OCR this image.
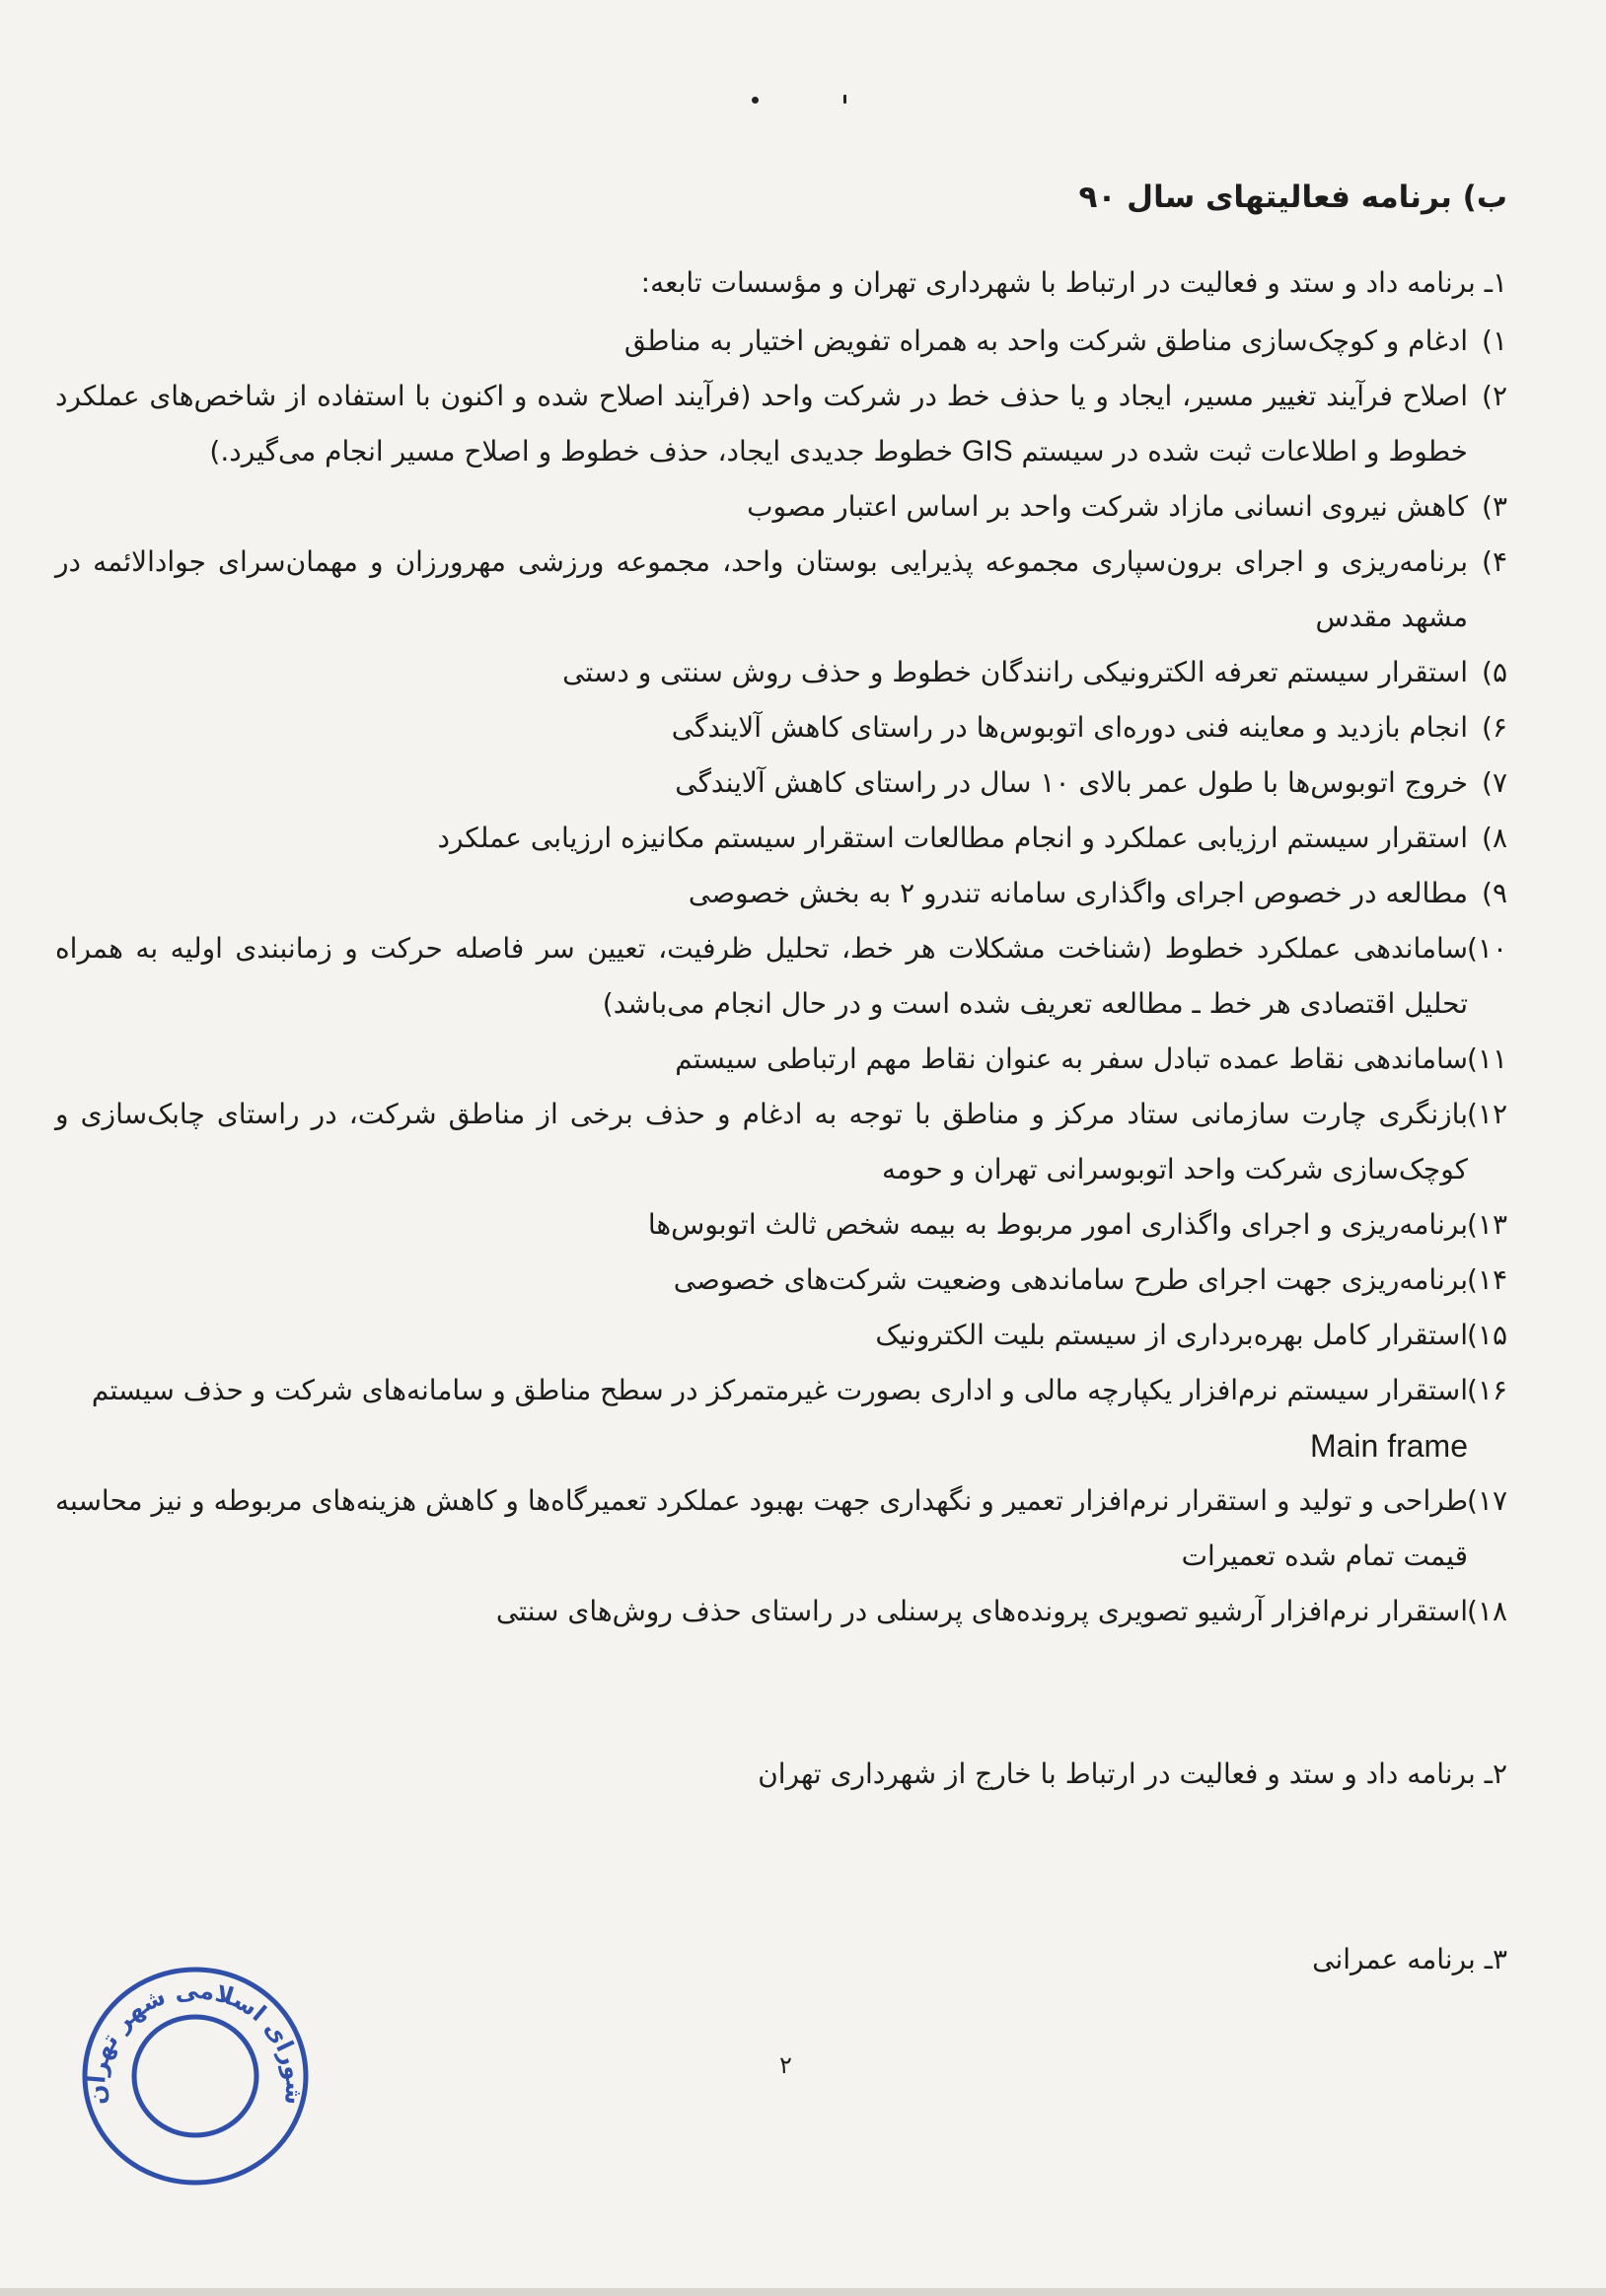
ب) برنامه فعالیتهای سال ۹۰

۱ـ برنامه داد و ستد و فعالیت در ارتباط با شهرداری تهران و مؤسسات تابعه:

۱)
ادغام و کوچک‌سازی مناطق شرکت واحد به همراه تفویض اختیار به مناطق
۲)
اصلاح فرآیند تغییر مسیر، ایجاد و یا حذف خط در شرکت واحد (فرآیند اصلاح شده و اکنون با استفاده از شاخص‌های عملکرد خطوط و اطلاعات ثبت شده در سیستم GIS خطوط جدیدی ایجاد، حذف خطوط و اصلاح مسیر انجام می‌گیرد.)
۳)
کاهش نیروی انسانی مازاد شرکت واحد بر اساس اعتبار مصوب
۴)
برنامه‌ریزی و اجرای برون‌سپاری مجموعه پذیرایی بوستان واحد، مجموعه ورزشی مهرورزان و مهمان‌سرای جوادالائمه در مشهد مقدس
۵)
استقرار سیستم تعرفه الکترونیکی رانندگان خطوط و حذف روش سنتی و دستی
۶)
انجام بازدید و معاینه فنی دوره‌ای اتوبوس‌ها در راستای کاهش آلایندگی
۷)
خروج اتوبوس‌ها با طول عمر بالای ۱۰ سال در راستای کاهش آلایندگی
۸)
استقرار سیستم ارزیابی عملکرد و انجام مطالعات استقرار سیستم مکانیزه ارزیابی عملکرد
۹)
مطالعه در خصوص اجرای واگذاری سامانه تندرو ۲ به بخش خصوصی
۱۰)
ساماندهی عملکرد خطوط (شناخت مشکلات هر خط، تحلیل ظرفیت، تعیین سر فاصله حرکت و زمانبندی اولیه به همراه تحلیل اقتصادی هر خط ـ مطالعه تعریف شده است و در حال انجام می‌باشد)
۱۱)
ساماندهی نقاط عمده تبادل سفر به عنوان نقاط مهم ارتباطی سیستم
۱۲)
بازنگری چارت سازمانی ستاد مرکز و مناطق با توجه به ادغام و حذف برخی از مناطق شرکت، در راستای چابک‌سازی و کوچک‌سازی شرکت واحد اتوبوسرانی تهران و حومه
۱۳)
برنامه‌ریزی و اجرای واگذاری امور مربوط به بیمه شخص ثالث اتوبوس‌ها
۱۴)
برنامه‌ریزی جهت اجرای طرح ساماندهی وضعیت شرکت‌های خصوصی
۱۵)
استقرار کامل بهره‌برداری از سیستم بلیت الکترونیک
۱۶)
استقرار سیستم نرم‌افزار یکپارچه مالی و اداری بصورت غیرمتمرکز در سطح مناطق و سامانه‌های شرکت و حذف سیستم
Main frame
۱۷)
طراحی و تولید و استقرار نرم‌افزار تعمیر و نگهداری جهت بهبود عملکرد تعمیرگاه‌ها و کاهش هزینه‌های مربوطه و نیز محاسبه قیمت تمام شده تعمیرات
۱۸)
استقرار نرم‌افزار آرشیو تصویری پرونده‌های پرسنلی در راستای حذف روش‌های سنتی

۲ـ برنامه داد و ستد و فعالیت در ارتباط با خارج از شهرداری تهران

۳ـ برنامه عمرانی

۲

شورای اسلامی شهر تهران
